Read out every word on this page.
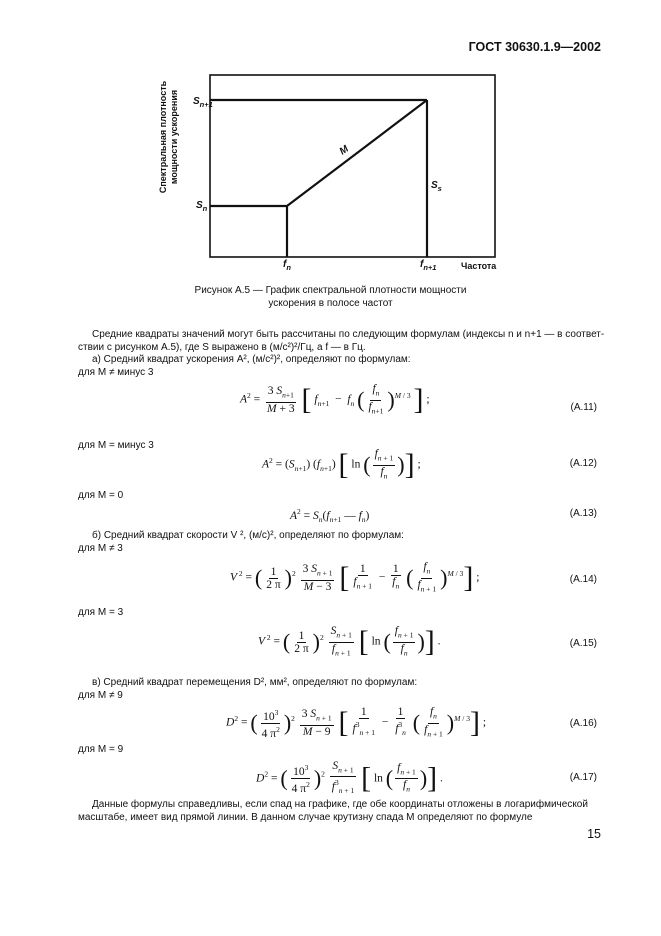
ГОСТ 30630.1.9—2002
Спектральная плотность мощности ускорения $S_{n+1}$
$S_n$
M
$S_s$
$f_n$	$f_{n+1}$	Частота
Рисунок А.5 — График спектральной плотности мощности
ускорения в полосе частот
Средние квадраты значений могут быть рассчитаны по следующим формулам (индексы n и n+1 — в соответ-
ствии с рисунком А.5), где S выражено в (м/с²)²/Гц, а f — в Гц.
а) Средний квадрат ускорения A², (м/с²)², определяют по формулам:
для M ≠ минус 3
$A^2 = \frac{3 S_{n+1}}{M + 3}$ [ $f_{n+1} - f_n$ ( $\frac{f_n}{f_{n+1}} )^{M / 3}$ ] ;
(А.11)
для M = минус 3
$A^2 = (S_{n+1})$ $(f_{n+1})$ [ ln ( $\frac{f_{n + 1}}{f_n}$ )] ;	(А.12)
для M = 0
$A^2 = S_n(f_{n+1}$ — $f_n$)	(А.13)
б) Средний квадрат скорости V ², (м/с)², определяют по формулам:
для M ≠ 3
V $^2$ = ( $\frac{1}{2 \pi} )^2 \frac{3 S_{n + 1}}{M - 3}$ [ $\frac{1}{f_{n + 1}} - \frac{1}{f_n}$ ( $\frac{f_n}{f_{n + 1}} )^{M / 3}$] ;	(А.14)
для M = 3
V $^2$ = ( $\frac{1}{2 \pi} )^2 \frac{S_{n + 1}}{f_{n + 1}}$ [ ln ( $\frac{f_{n + 1}}{f_n}$ )] .	(А.15)
в) Средний квадрат перемещения D², мм², определяют по формулам:
для M ≠ 9
$D^2$ = ( $\frac{10^3}{4 \pi^2} )^2 \frac{3 S_{n + 1}}{M - 9}$ [ $\frac{1}{f^3_{n + 1}} - \frac{1}{f^3_n}$ ( $\frac{f_n}{f_{n + 1}} )^{M / 3}$] ;	(А.16)
для M = 9
$D^2$ = ( $\frac{10^3}{4 \pi^2} )^2 \frac{S_{n + 1}}{f^3_{n + 1}}$ [ ln ( $\frac{f_{n + 1}}{f_n}$ )] .	(А.17)
Данные формулы справедливы, если спад на графике, где обе координаты отложены в логарифмической
масштабе, имеет вид прямой линии. В данном случае крутизну спада M определяют по формуле
15
